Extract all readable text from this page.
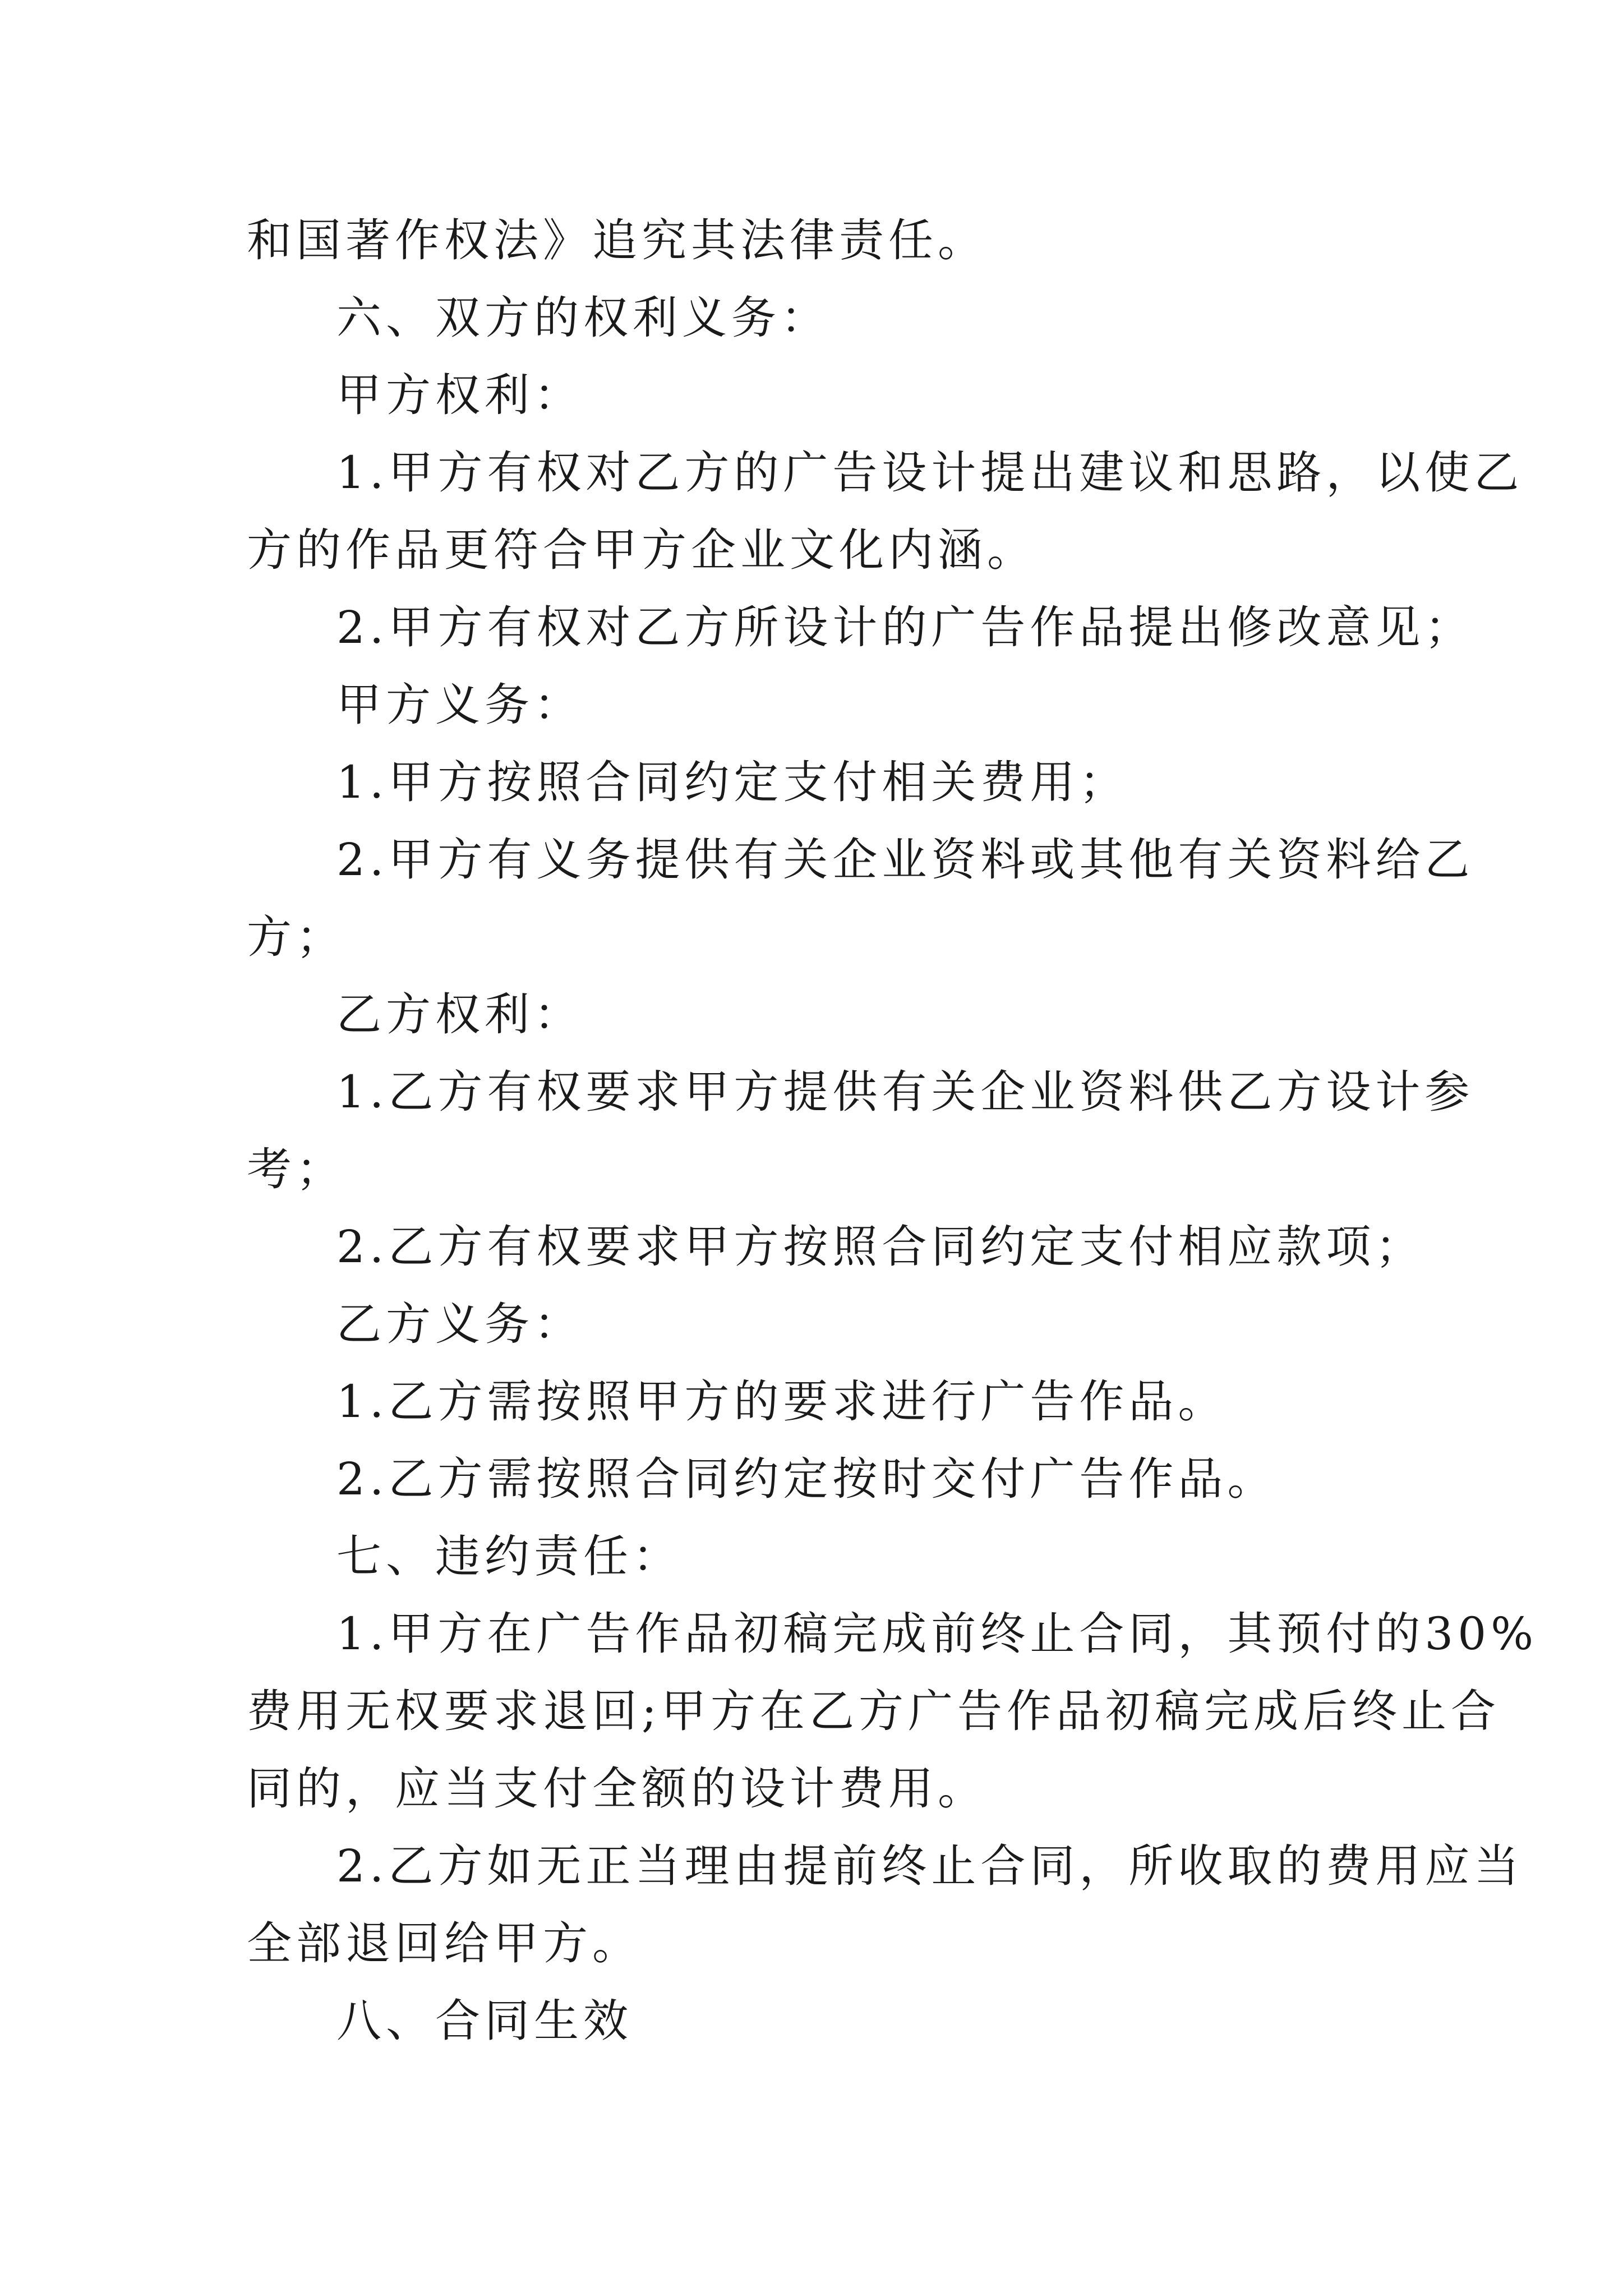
和国著作权法》追究其法律责任。
六、双方的权利义务：
甲方权利：
1.甲方有权对乙方的广告设计提出建议和思路，以使乙
方的作品更符合甲方企业文化内涵。
2.甲方有权对乙方所设计的广告作品提出修改意见；
甲方义务：
1.甲方按照合同约定支付相关费用；
2.甲方有义务提供有关企业资料或其他有关资料给乙
方；
乙方权利：
1.乙方有权要求甲方提供有关企业资料供乙方设计参
考；
2.乙方有权要求甲方按照合同约定支付相应款项；
乙方义务：
1.乙方需按照甲方的要求进行广告作品。
2.乙方需按照合同约定按时交付广告作品。
七、违约责任：
1.甲方在广告作品初稿完成前终止合同，其预付的30%
费用无权要求退回;甲方在乙方广告作品初稿完成后终止合
同的，应当支付全额的设计费用。
2.乙方如无正当理由提前终止合同，所收取的费用应当
全部退回给甲方。
八、合同生效
